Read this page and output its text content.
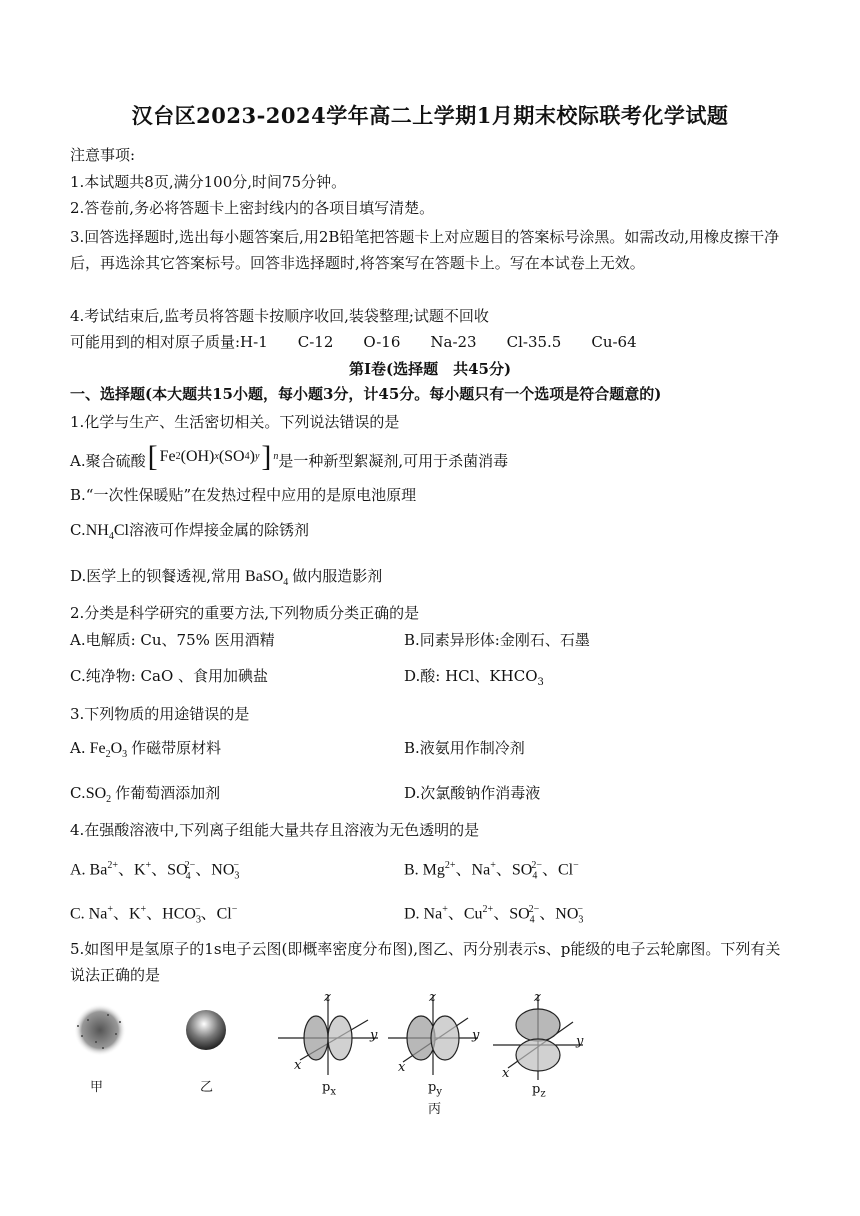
汉台区2023-2024学年高二上学期1月期末校际联考化学试题
注意事项:
1.本试题共8页,满分100分,时间75分钟。
2.答卷前,务必将答题卡上密封线内的各项目填写清楚。
3.回答选择题时,选出每小题答案后,用2B铅笔把答题卡上对应题目的答案标号涂黑。如需改动,用橡皮擦干净后，再选涂其它答案标号。回答非选择题时,将答案写在答题卡上。写在本试卷上无效。
4.考试结束后,监考员将答题卡按顺序收回,装袋整理;试题不回收
可能用到的相对原子质量:H-1　　C-12　　O-16　　Na-23　　Cl-35.5　　Cu-64
第I卷(选择题　共45分)
一、选择题(本大题共15小题，每小题3分，计45分。每小题只有一个选项是符合题意的)
1.化学与生产、生活密切相关。下列说法错误的是
A.聚合硫酸 [ Fe 2 (OH) x (SO 4 ) y ] n 是一种新型絮凝剂,可用于杀菌消毒
B.“一次性保暖贴”在发热过程中应用的是原电池原理
$C.NH_4Cl$溶液可作焊接金属的除锈剂
D.医学上的钡餐透视,常用 BaSO$_4$ 做内服造影剂
2.分类是科学研究的重要方法,下列物质分类正确的是
A.电解质: Cu、75% 医用酒精	B.同素异形体:金刚石、石墨
C.纯净物: CaO 、食用加碘盐	D.酸: HCl、$KHCO_3$
3.下列物质的用途错误的是
A. $Fe_2O_3$ 作磁带原材料	B.液氨用作制冷剂
$C.SO_2$ 作葡萄酒添加剂	D.次氯酸钠作消毒液
4.在强酸溶液中,下列离子组能大量共存且溶液为无色透明的是
A. $Ba^{2+}$、K+、$SO_4^{2-}$、$NO_3^-$	B. $Mg^{2+}$、Na+、$SO_4^{2-}$、Cl−
C. Na+、K+、$HCO_3^-$、Cl−	D. Na+、$Cu^{2+}$、$SO_4^{2-}$、$NO_3^-$
5.如图甲是氢原子的1s电子云图(即概率密度分布图),图乙、丙分别表示s、p能级的电子云轮廓图。下列有关说法正确的是
甲	乙
z
y
x
z
y
x
z
y
x
$p_x$	$p_y$	$p_z$
丙
